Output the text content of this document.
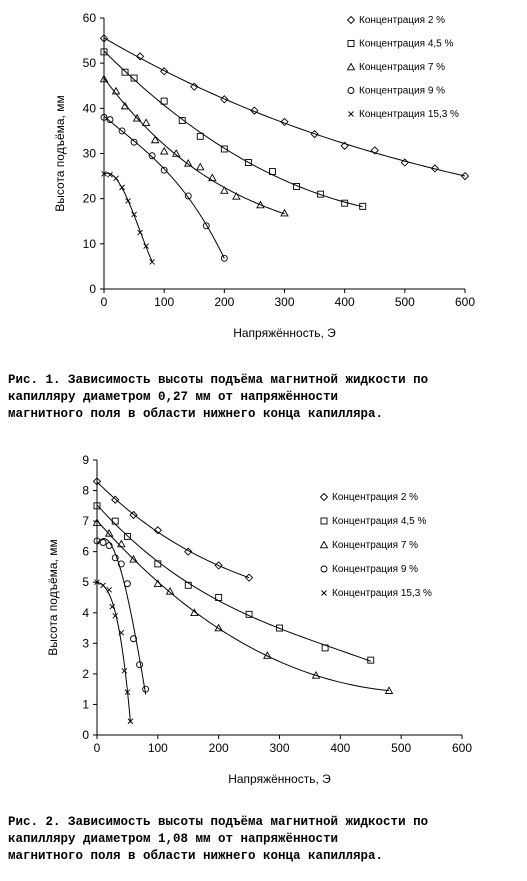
0
10
20
30
40
50
60
0	100	200	300	400	500	600
Напряжённость, Э
Высота подъёма, мм
Концентрация 2 %
Концентрация 4,5 %
Концентрация 7 %
Концентрация 9 %
Концентрация 15,3 %
0
1
2
3
4
5
6
7
8
9
0	100	200	300	400	500	600
Напряжённость, Э
Высота подъёма, мм
Концентрация 2 %
Концентрация 4,5 %
Концентрация 7 %
Концентрация 9 %
Концентрация 15,3 %
Рис. 1. Зависимость высоты подъёма магнитной жидкости по
капилляру диаметром 0,27 мм от напряжённости
магнитного поля в области нижнего конца капилляра.
Рис. 2. Зависимость высоты подъёма магнитной жидкости по
капилляру диаметром 1,08 мм от напряжённости
магнитного поля в области нижнего конца капилляра.
